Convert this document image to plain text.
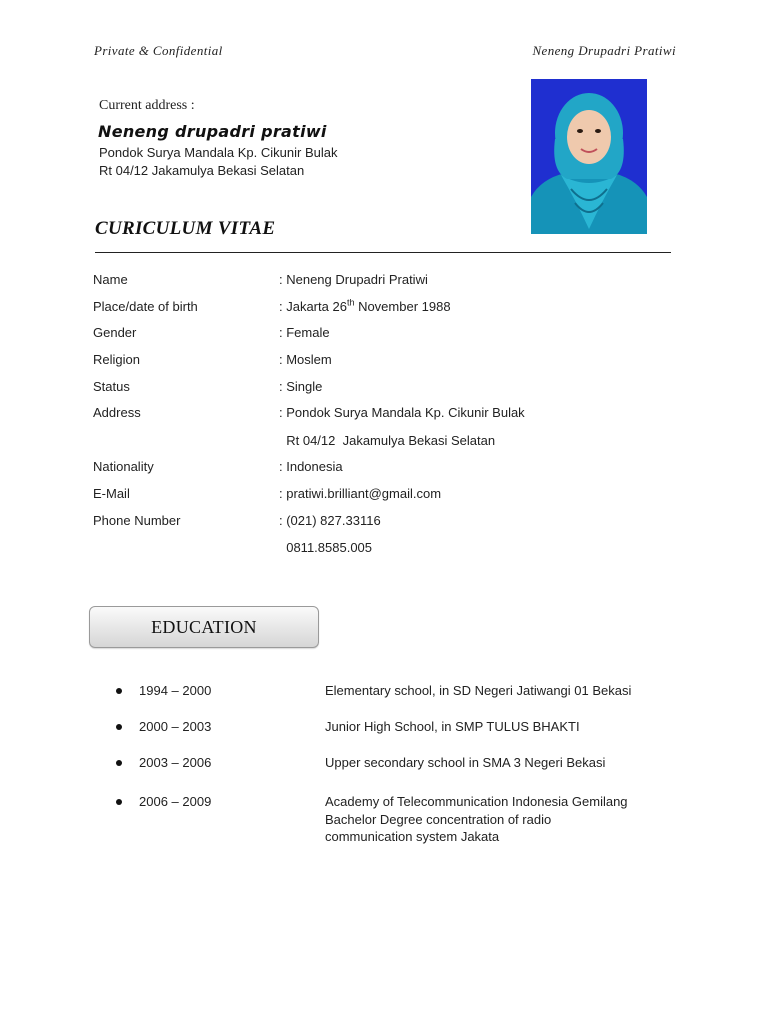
Private & Confidential	Neneng Drupadri Pratiwi
Current address :
Neneng drupadri pratiwi
Pondok Surya Mandala Kp. Cikunir Bulak
Rt 04/12 Jakamulya Bekasi Selatan
CURICULUM VITAE
Name	: Neneng Drupadri Pratiwi
Place/date of birth	: Jakarta 26th November 1988
Gender	: Female
Religion	: Moslem
Status	: Single
Address	: Pondok Surya Mandala Kp. Cikunir Bulak
Rt 04/12  Jakamulya Bekasi Selatan
Nationality	: Indonesia
E-Mail	: pratiwi.brilliant@gmail.com
Phone Number	: (021) 827.33116
0811.8585.005
EDUCATION
1994 – 2000	Elementary school, in SD Negeri Jatiwangi 01 Bekasi
2000 – 2003	Junior High School, in SMP TULUS BHAKTI
2003 – 2006	Upper secondary school in SMA 3 Negeri Bekasi
2006 – 2009	Academy of Telecommunication Indonesia Gemilang
Bachelor Degree concentration of radio
communication system Jakata
